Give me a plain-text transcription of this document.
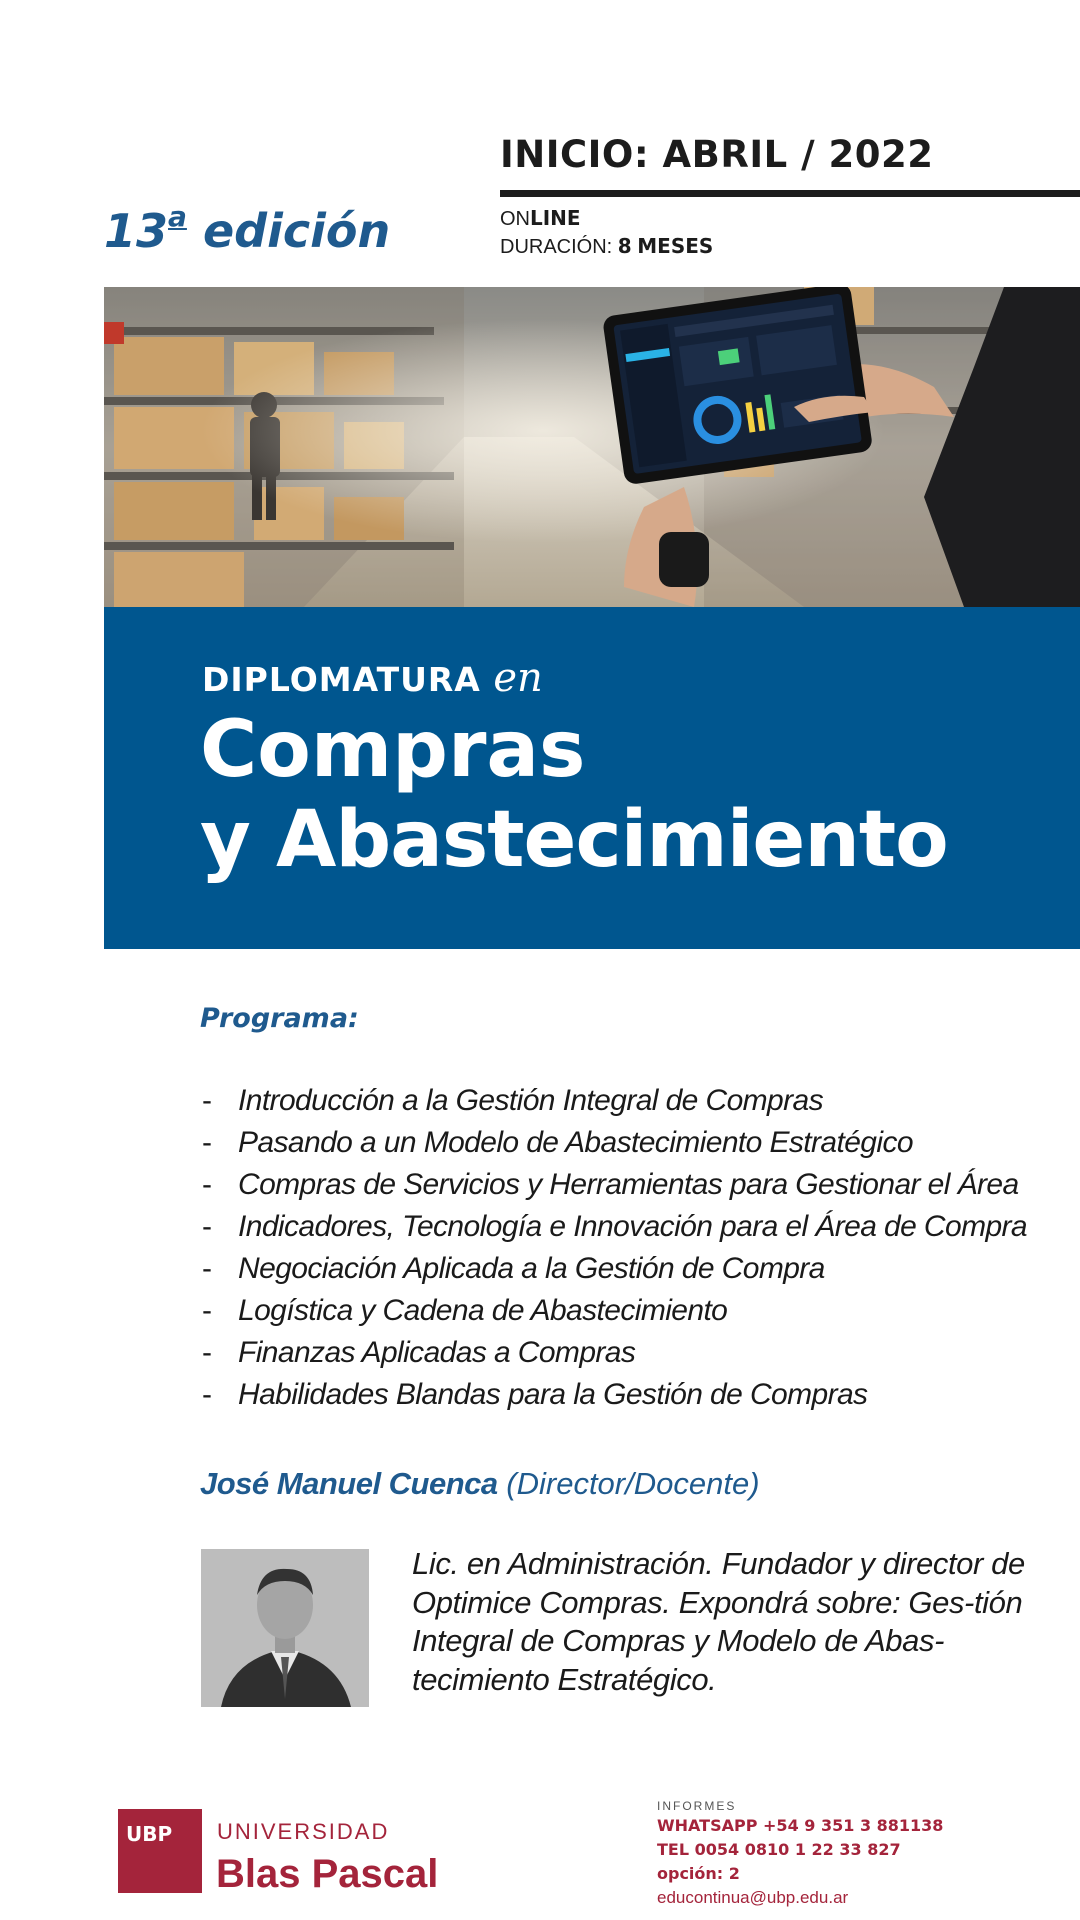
INICIO: ABRIL / 2022
ONLINE
DURACIÓN: 8 MESES
13$^a$ edición
DIPLOMATURA en
Compras
y Abastecimiento
Programa:
- Introducción a la Gestión Integral de Compras
- Pasando a un Modelo de Abastecimiento Estratégico
- Compras de Servicios y Herramientas para Gestionar el Área
- Indicadores, Tecnología e Innovación para el Área de Compra
- Negociación Aplicada a la Gestión de Compra
- Logística y Cadena de Abastecimiento
- Finanzas Aplicadas a Compras
- Habilidades Blandas para la Gestión de Compras
José Manuel Cuenca (Director/Docente)
Lic. en Administración. Fundador y director de Optimice Compras. Expondrá sobre: Ges-tión Integral de Compras y Modelo de Abas-tecimiento Estratégico.
UBP	UNIVERSIDAD
Blas Pascal
INFORMES
WHATSAPP +54 9 351 3 881138
TEL 0054 0810 1 22 33 827
opción: 2
educontinua@ubp.edu.ar
